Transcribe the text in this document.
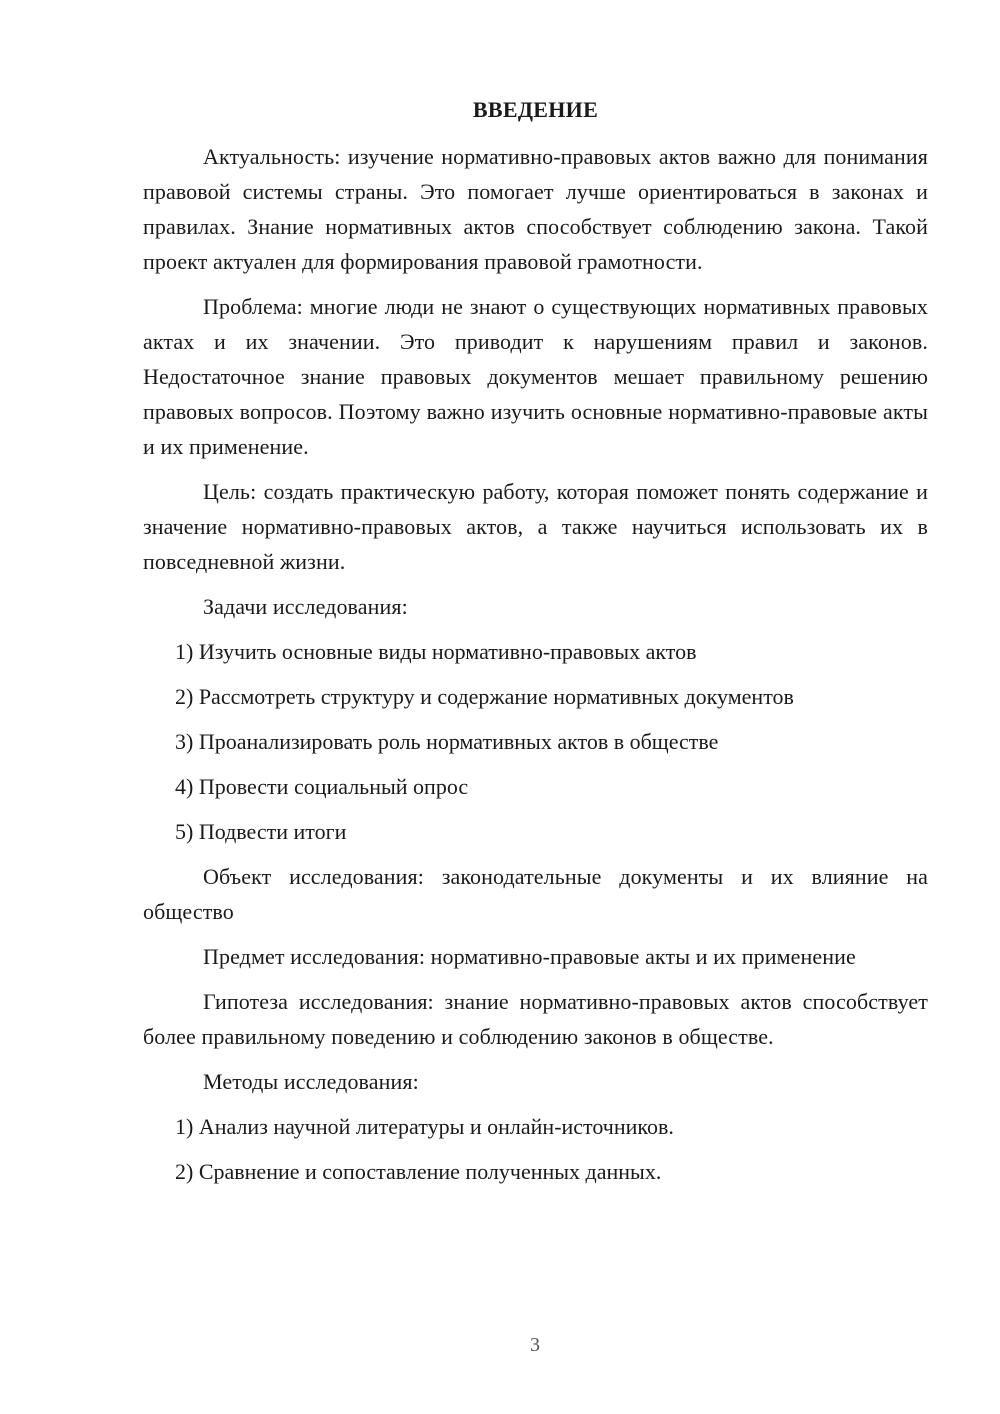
ВВЕДЕНИЕ

Актуальность: изучение нормативно-правовых актов важно для понимания правовой системы страны. Это помогает лучше ориентироваться в законах и правилах. Знание нормативных актов способствует соблюдению закона. Такой проект актуален для формирования правовой грамотности.

Проблема: многие люди не знают о существующих нормативных правовых актах и их значении. Это приводит к нарушениям правил и законов. Недостаточное знание правовых документов мешает правильному решению правовых вопросов. Поэтому важно изучить основные нормативно-правовые акты и их применение.

Цель: создать практическую работу, которая поможет понять содержание и значение нормативно-правовых актов, а также научиться использовать их в повседневной жизни.

Задачи исследования:

1) Изучить основные виды нормативно-правовых актов

2) Рассмотреть структуру и содержание нормативных документов

3) Проанализировать роль нормативных актов в обществе

4) Провести социальный опрос

5) Подвести итоги

Объект исследования: законодательные документы и их влияние на общество

Предмет исследования: нормативно-правовые акты и их применение

Гипотеза исследования: знание нормативно-правовых актов способствует более правильному поведению и соблюдению законов в обществе.

Методы исследования:

1) Анализ научной литературы и онлайн-источников.

2) Сравнение и сопоставление полученных данных.

3
